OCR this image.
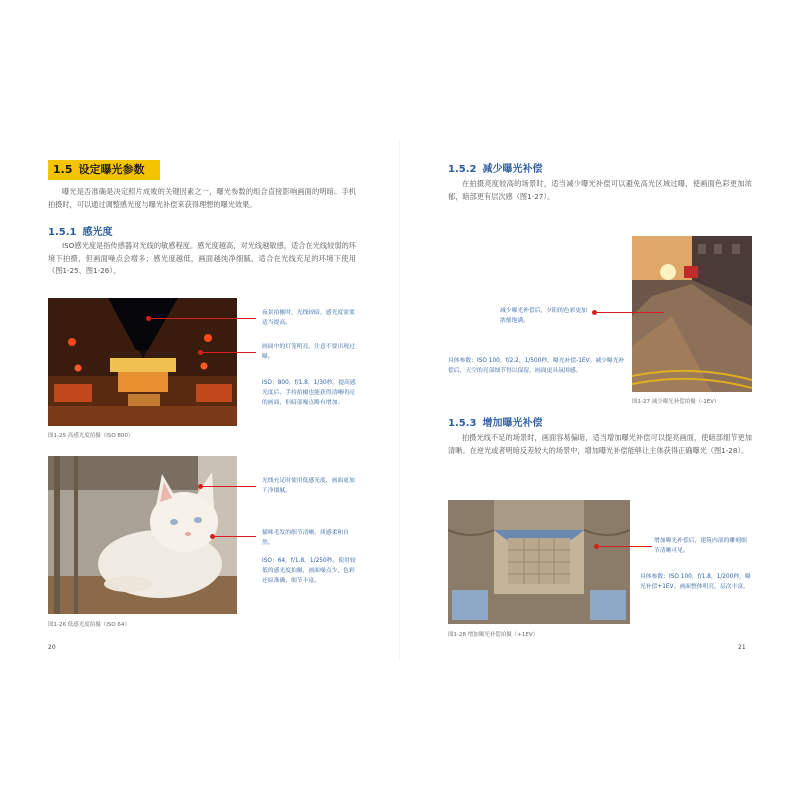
1.5 设定曝光参数
曝光是否准确是决定照片成败的关键因素之一，曝光参数的组合直接影响画面的明暗。手机拍摄时，可以通过调整感光度与曝光补偿来获得理想的曝光效果。
1.5.1 感光度
ISO感光度是指传感器对光线的敏感程度。感光度越高，对光线越敏感，适合在光线较弱的环境下拍摄，但画面噪点会增多；感光度越低，画面越纯净细腻，适合在光线充足的环境下使用（图1-25、图1-26）。
图1-25 高感光度拍摄（ISO 800）
夜景拍摄时，光线较暗，感光度需要适当提高。
画面中的灯笼明亮，注意不要出现过曝。
ISO：800，f/1.8，1/30秒。提高感光度后，手持拍摄也能获得清晰明亮的画面，但暗部噪点略有增加。
图1-26 低感光度拍摄（ISO 64）
光线充足时使用低感光度，画面更加干净细腻。
猫咪毛发的细节清晰，质感柔和自然。
ISO：64，f/1.8，1/250秒。使用较低的感光度拍摄，画面噪点少，色彩还原准确，细节丰富。
20
1.5.2 减少曝光补偿
在拍摄亮度较高的场景时，适当减少曝光补偿可以避免高光区域过曝，使画面色彩更加浓郁，暗部更有层次感（图1-27）。
图1-27 减少曝光补偿拍摄（-1EV）
减少曝光补偿后，夕阳的色彩更加浓郁饱满。
具体参数：ISO 100，f/2.2，1/500秒，曝光补偿-1EV。减少曝光补偿后，天空的亮部细节得以保留，画面更具氛围感。
1.5.3 增加曝光补偿
拍摄光线不足的场景时，画面容易偏暗，适当增加曝光补偿可以提亮画面，使暗部细节更加清晰。在逆光或者明暗反差较大的场景中，增加曝光补偿能够让主体获得正确曝光（图1-28）。
图1-28 增加曝光补偿拍摄（+1EV）
增加曝光补偿后，建筑内部的雕刻细节清晰可见。
具体参数：ISO 100，f/1.8，1/200秒，曝光补偿+1EV。画面整体明亮，层次丰富。
21
